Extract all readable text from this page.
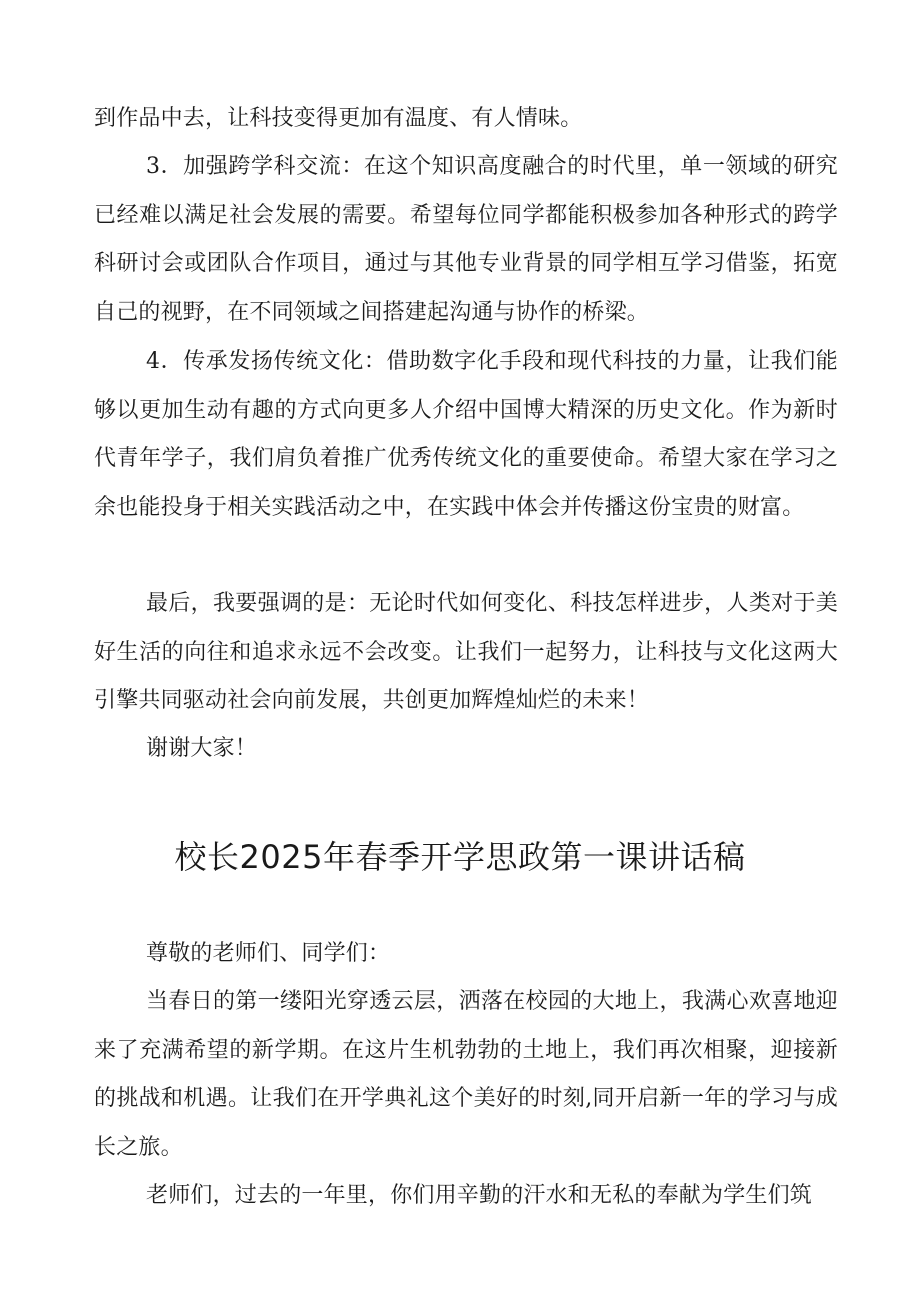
到作品中去，让科技变得更加有温度、有人情味。

3．加强跨学科交流：在这个知识高度融合的时代里，单一领域的研究已经难以满足社会发展的需要。希望每位同学都能积极参加各种形式的跨学科研讨会或团队合作项目，通过与其他专业背景的同学相互学习借鉴，拓宽自己的视野，在不同领域之间搭建起沟通与协作的桥梁。

4．传承发扬传统文化：借助数字化手段和现代科技的力量，让我们能够以更加生动有趣的方式向更多人介绍中国博大精深的历史文化。作为新时代青年学子，我们肩负着推广优秀传统文化的重要使命。希望大家在学习之余也能投身于相关实践活动之中，在实践中体会并传播这份宝贵的财富。

最后，我要强调的是：无论时代如何变化、科技怎样进步，人类对于美好生活的向往和追求永远不会改变。让我们一起努力，让科技与文化这两大引擎共同驱动社会向前发展，共创更加辉煌灿烂的未来！

谢谢大家！

校长2025年春季开学思政第一课讲话稿

尊敬的老师们、同学们：

当春日的第一缕阳光穿透云层，洒落在校园的大地上，我满心欢喜地迎来了充满希望的新学期。在这片生机勃勃的土地上，我们再次相聚，迎接新的挑战和机遇。让我们在开学典礼这个美好的时刻,同开启新一年的学习与成长之旅。

老师们，过去的一年里，你们用辛勤的汗水和无私的奉献为学生们筑
